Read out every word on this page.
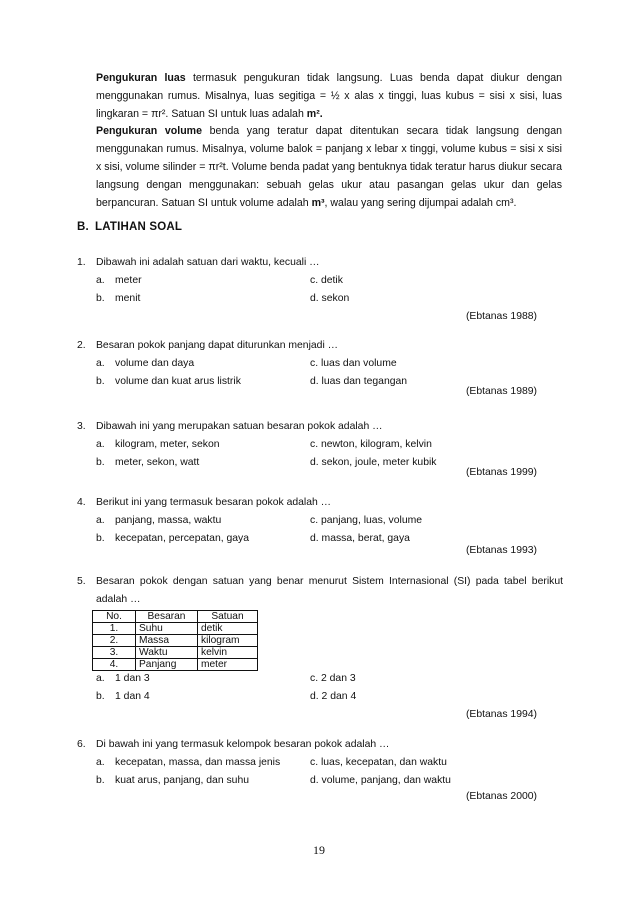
Pengukuran luas termasuk pengukuran tidak langsung. Luas benda dapat diukur dengan menggunakan rumus. Misalnya, luas segitiga = ½ x alas x tinggi, luas kubus = sisi x sisi, luas lingkaran = πr². Satuan SI untuk luas adalah m².

Pengukuran volume benda yang teratur dapat ditentukan secara tidak langsung dengan menggunakan rumus. Misalnya, volume balok = panjang x lebar x tinggi, volume kubus = sisi x sisi x sisi, volume silinder = πr²t. Volume benda padat yang bentuknya tidak teratur harus diukur secara langsung dengan menggunakan: sebuah gelas ukur atau pasangan gelas ukur dan gelas berpancuran. Satuan SI untuk volume adalah m³, walau yang sering dijumpai adalah cm³.

B. LATIHAN SOAL
1. Dibawah ini adalah satuan dari waktu, kecuali …
a. meter
b. menit
c. detik
d. sekon
(Ebtanas 1988)
2. Besaran pokok panjang dapat diturunkan menjadi …
a. volume dan daya
b. volume dan kuat arus listrik
c. luas dan volume
d. luas dan tegangan
(Ebtanas 1989)
3. Dibawah ini yang merupakan satuan besaran pokok adalah …
a. kilogram, meter, sekon
b. meter, sekon, watt
c. newton, kilogram, kelvin
d. sekon, joule, meter kubik
(Ebtanas 1999)
4. Berikut ini yang termasuk besaran pokok adalah …
a. panjang, massa, waktu
b. kecepatan, percepatan, gaya
c. panjang, luas, volume
d. massa, berat, gaya
(Ebtanas 1993)
5. Besaran pokok dengan satuan yang benar menurut Sistem Internasional (SI) pada tabel berikut adalah …
No.	Besaran	Satuan
1.	Suhu	detik
2.	Massa	kilogram
3.	Waktu	kelvin
4.	Panjang	meter
a. 1 dan 3
b. 1 dan 4
c. 2 dan 3
d. 2 dan 4
(Ebtanas 1994)
6. Di bawah ini yang termasuk kelompok besaran pokok adalah …
a. kecepatan, massa, dan massa jenis
b. kuat arus, panjang, dan suhu
c. luas, kecepatan, dan waktu
d. volume, panjang, dan waktu
(Ebtanas 2000)
19
